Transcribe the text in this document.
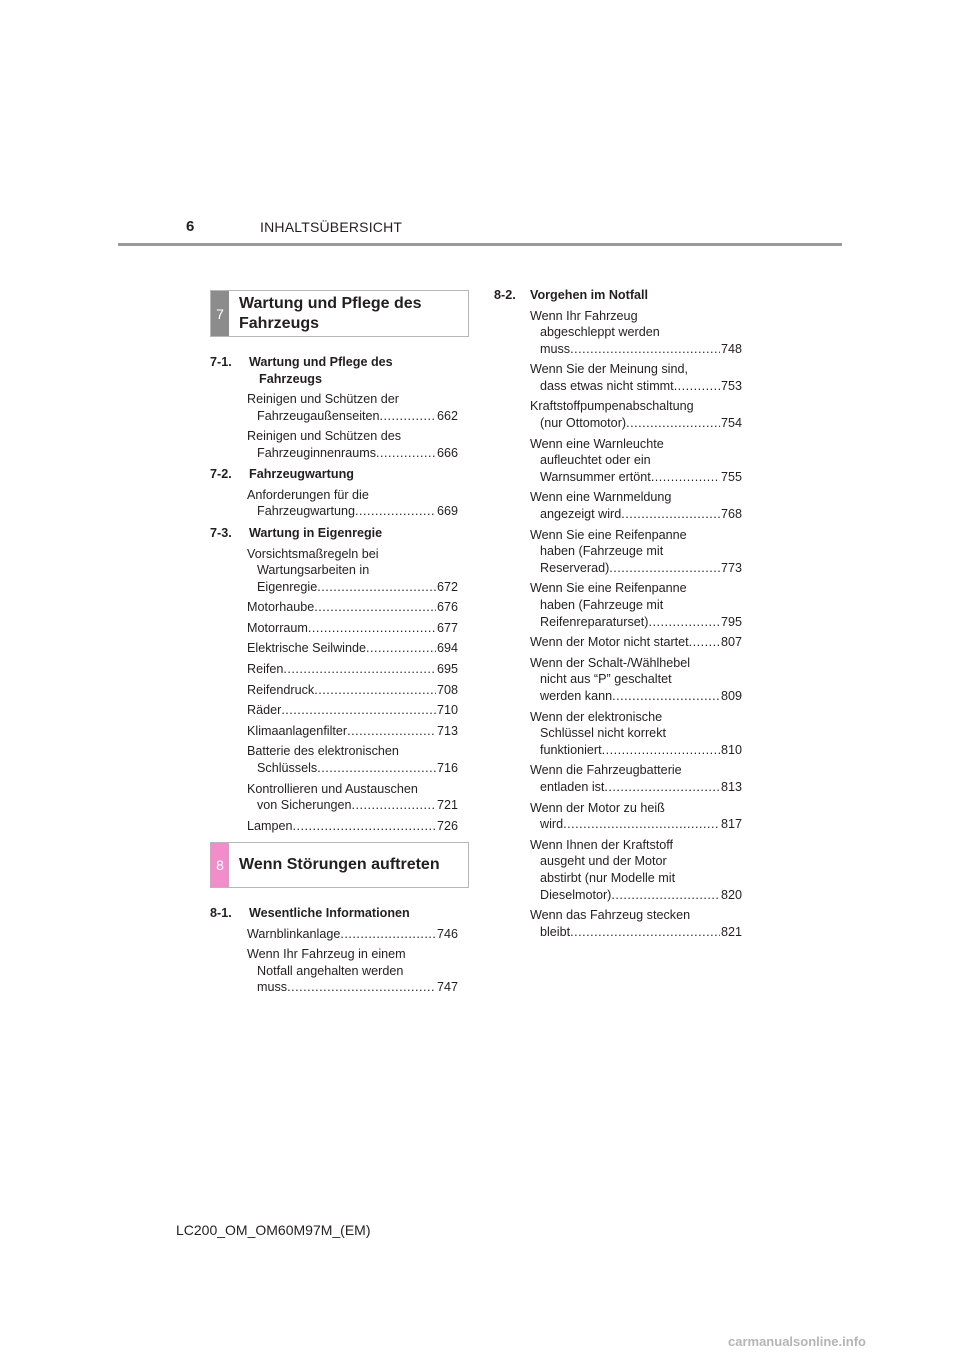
6	INHALTSÜBERSICHT
7
Wartung und Pflege des Fahrzeugs
7-1.	Wartung und Pflege des
Fahrzeugs
Reinigen und Schützen der
Fahrzeugaußenseiten .....	662
Reinigen und Schützen des
Fahrzeuginnenraums .....	666
7-2.	Fahrzeugwartung
Anforderungen für die
Fahrzeugwartung .....	669
7-3.	Wartung in Eigenregie
Vorsichtsmaßregeln bei
Wartungsarbeiten in
Eigenregie .....	672
Motorhaube .....	676
Motorraum .....	677
Elektrische Seilwinde .....	694
Reifen .....	695
Reifendruck .....	708
Räder .....	710
Klimaanlagenfilter .....	713
Batterie des elektronischen
Schlüssels .....	716
Kontrollieren und Austauschen
von Sicherungen .....	721
Lampen .....	726
8 Wenn Störungen auftreten
8-1.	Wesentliche Informationen
Warnblinkanlage .....	746
Wenn Ihr Fahrzeug in einem
Notfall angehalten werden
muss .....	747
8-2.	Vorgehen im Notfall
Wenn Ihr Fahrzeug
abgeschleppt werden
muss .....	748
Wenn Sie der Meinung sind,
dass etwas nicht stimmt .....	753
Kraftstoffpumpenabschaltung
(nur Ottomotor) .....	754
Wenn eine Warnleuchte
aufleuchtet oder ein
Warnsummer ertönt .....	755
Wenn eine Warnmeldung
angezeigt wird .....	768
Wenn Sie eine Reifenpanne
haben (Fahrzeuge mit
Reserverad) .....	773
Wenn Sie eine Reifenpanne
haben (Fahrzeuge mit
Reifenreparaturset) .....	795
Wenn der Motor nicht startet .....	807
Wenn der Schalt-/Wählhebel
nicht aus “P” geschaltet
werden kann .....	809
Wenn der elektronische
Schlüssel nicht korrekt
funktioniert .....	810
Wenn die Fahrzeugbatterie
entladen ist .....	813
Wenn der Motor zu heiß
wird .....	817
Wenn Ihnen der Kraftstoff
ausgeht und der Motor
abstirbt (nur Modelle mit
Dieselmotor) .....	820
Wenn das Fahrzeug stecken
bleibt .....	821
LC200_OM_OM60M97M_(EM)
carmanualsonline.info
